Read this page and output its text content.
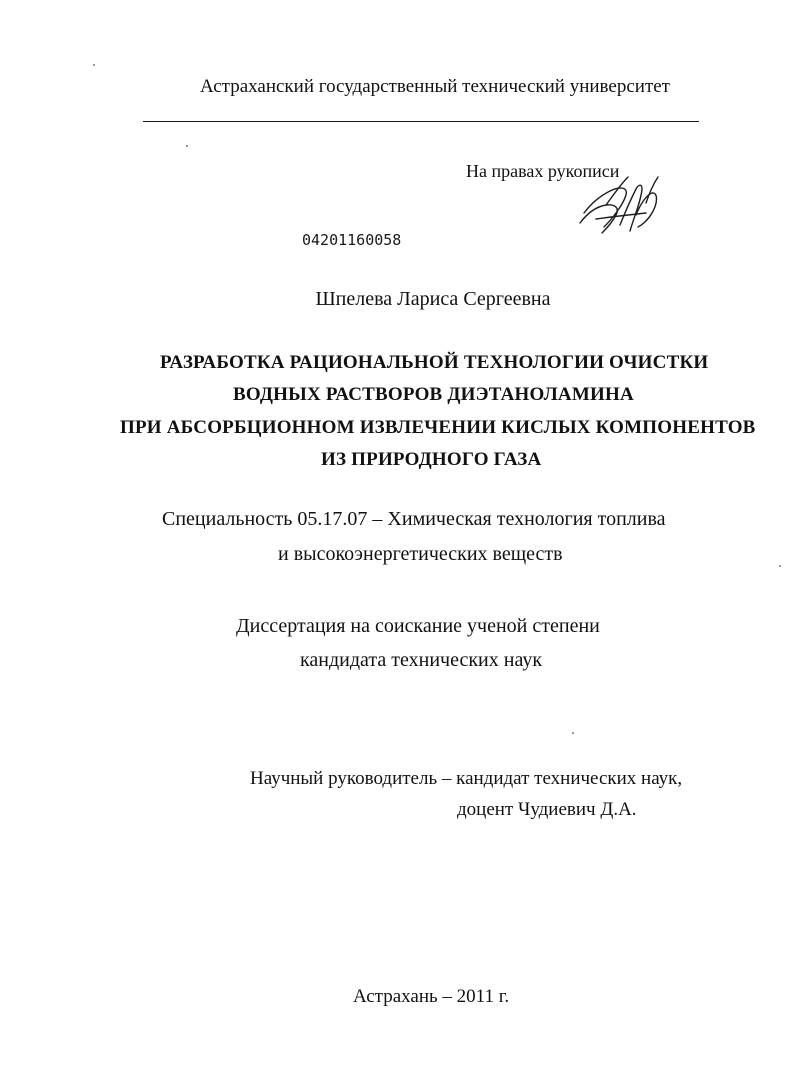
Астраханский государственный технический университет
На правах рукописи
04201160058
Шпелева Лариса Сергеевна
РАЗРАБОТКА РАЦИОНАЛЬНОЙ ТЕХНОЛОГИИ ОЧИСТКИ
ВОДНЫХ РАСТВОРОВ ДИЭТАНОЛАМИНА
ПРИ АБСОРБЦИОННОМ ИЗВЛЕЧЕНИИ КИСЛЫХ КОМПОНЕНТОВ
ИЗ ПРИРОДНОГО ГАЗА
Специальность 05.17.07 – Химическая технология топлива
и высокоэнергетических веществ
Диссертация на соискание ученой степени
кандидата технических наук
Научный руководитель – кандидат технических наук,
доцент Чудиевич Д.А.
Астрахань – 2011 г.
